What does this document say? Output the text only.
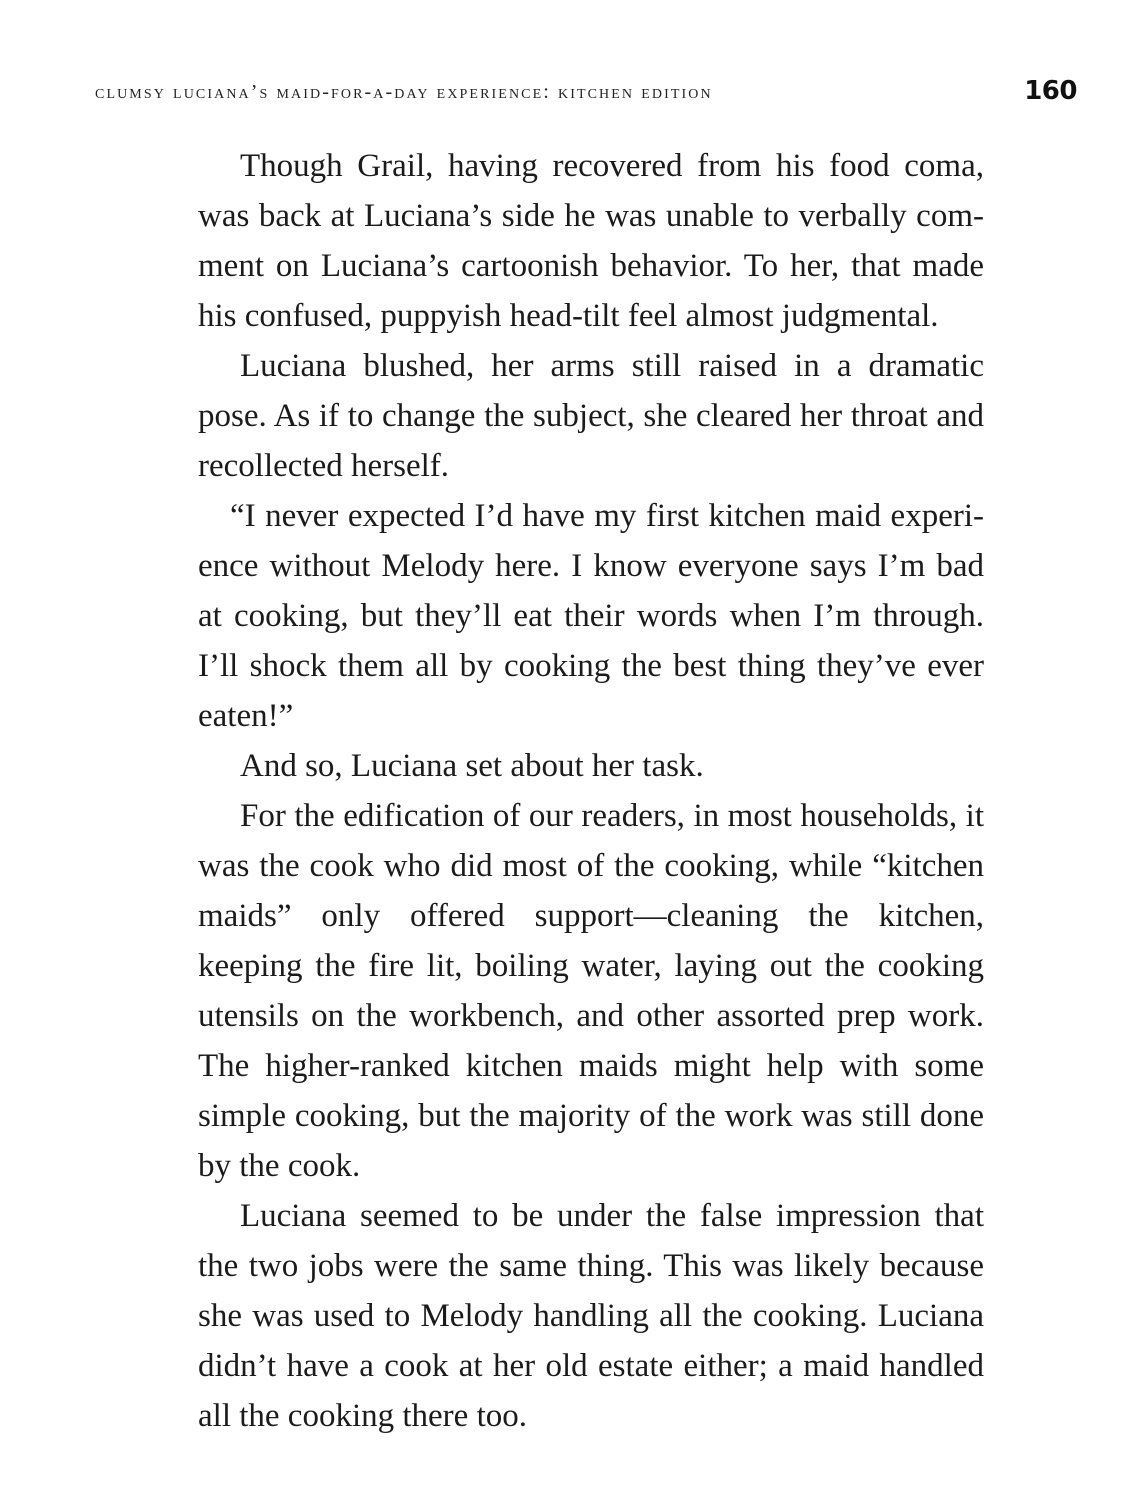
clumsy luciana’s maid-for-a-day experience: kitchen edition	160

Though Grail, having recovered from his food coma, was back at Luciana’s side he was unable to verbally comment on Luciana’s cartoonish behavior. To her, that made his confused, puppyish head-tilt feel almost judgmental.

Luciana blushed, her arms still raised in a dramatic pose. As if to change the subject, she cleared her throat and recollected herself.

“I never expected I’d have my first kitchen maid experience without Melody here. I know everyone says I’m bad at cooking, but they’ll eat their words when I’m through. I’ll shock them all by cooking the best thing they’ve ever eaten!”

And so, Luciana set about her task.

For the edification of our readers, in most households, it was the cook who did most of the cooking, while “kitchen maids” only offered support—cleaning the kitchen, keeping the fire lit, boiling water, laying out the cooking utensils on the workbench, and other assorted prep work. The higher-ranked kitchen maids might help with some simple cooking, but the majority of the work was still done by the cook.

Luciana seemed to be under the false impression that the two jobs were the same thing. This was likely because she was used to Melody handling all the cooking. Luciana didn’t have a cook at her old estate either; a maid handled all the cooking there too.
